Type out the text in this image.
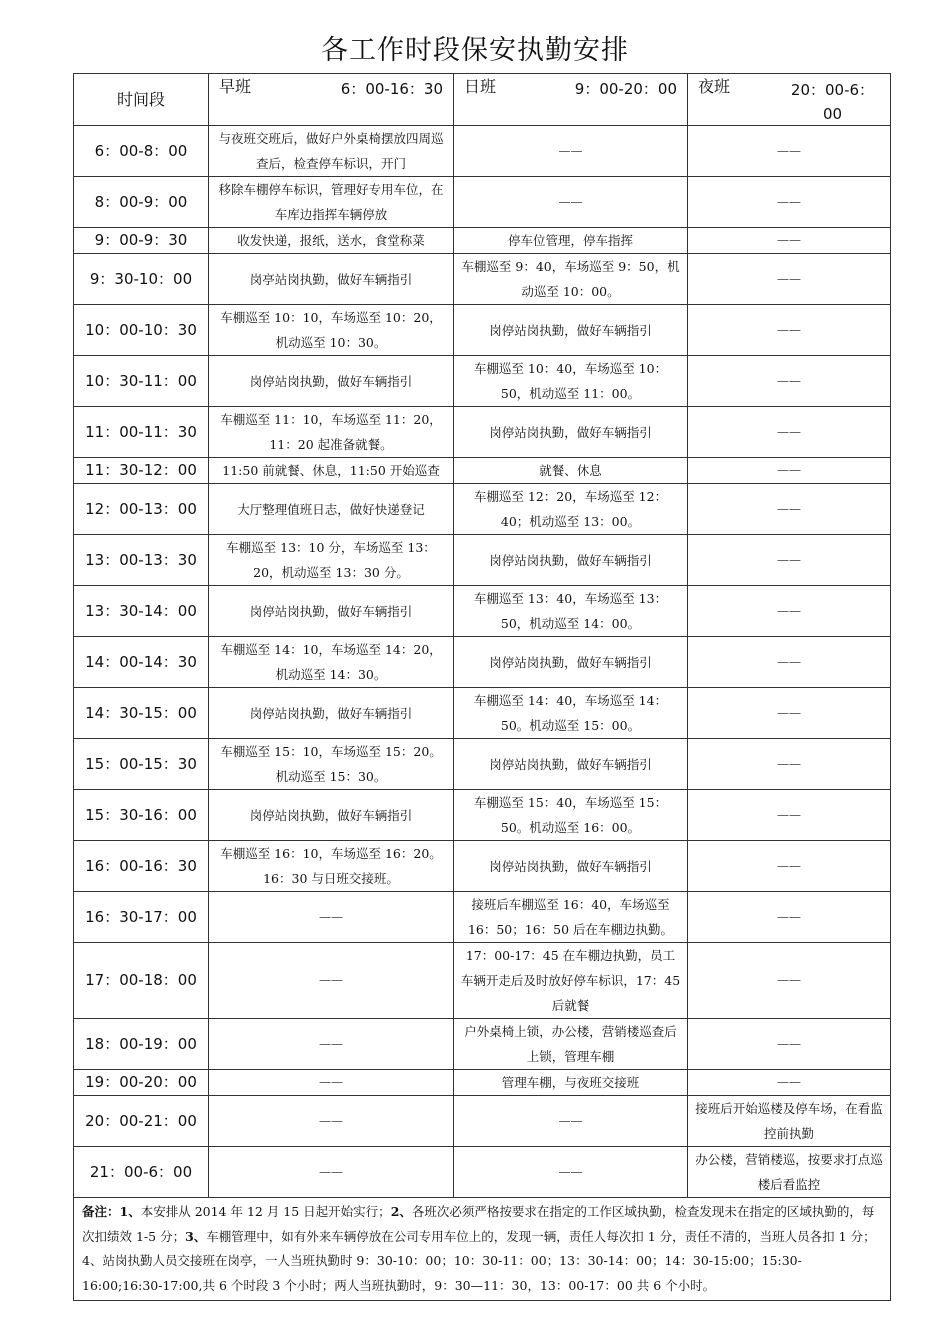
各工作时段保安执勤安排
时间段	早班 6：00-16：30	日班 9：00-20：00	夜班 20：00-6：00

6：00-8：00	与夜班交班后，做好户外桌椅摆放四周巡查后，检查停车标识，开门	——	——
8：00-9：00	移除车棚停车标识，管理好专用车位，在车库边指挥车辆停放	——	——
9：00-9：30	收发快递，报纸，送水，食堂称菜	停车位管理，停车指挥	——
9：30-10：00	岗亭站岗执勤，做好车辆指引	车棚巡至 9：40，车场巡至 9：50，机动巡至 10：00。	——
10：00-10：30	车棚巡至 10：10，车场巡至 10：20，机动巡至 10：30。	岗停站岗执勤，做好车辆指引	——
10：30-11：00	岗停站岗执勤，做好车辆指引	车棚巡至 10：40，车场巡至 10：50，机动巡至 11：00。	——
11：00-11：30	车棚巡至 11：10，车场巡至 11：20，11：20 起准备就餐。	岗停站岗执勤，做好车辆指引	——
11：30-12：00	11:50 前就餐、休息，11:50 开始巡查	就餐、休息	——
12：00-13：00	大厅整理值班日志，做好快递登记	车棚巡至 12：20，车场巡至 12：40；机动巡至 13：00。	——
13：00-13：30	车棚巡至 13：10 分，车场巡至 13：20，机动巡至 13：30 分。	岗停站岗执勤，做好车辆指引	——
13：30-14：00	岗停站岗执勤，做好车辆指引	车棚巡至 13：40，车场巡至 13：50，机动巡至 14：00。	——
14：00-14：30	车棚巡至 14：10，车场巡至 14：20，机动巡至 14：30。	岗停站岗执勤，做好车辆指引	——
14：30-15：00	岗停站岗执勤，做好车辆指引	车棚巡至 14：40，车场巡至 14：50。机动巡至 15：00。	——
15：00-15：30	车棚巡至 15：10，车场巡至 15：20。机动巡至 15：30。	岗停站岗执勤，做好车辆指引	——
15：30-16：00	岗停站岗执勤，做好车辆指引	车棚巡至 15：40，车场巡至 15：50。机动巡至 16：00。	——
16：00-16：30	车棚巡至 16：10，车场巡至 16：20。16：30 与日班交接班。	岗停站岗执勤，做好车辆指引	——
16：30-17：00	——	接班后车棚巡至 16：40，车场巡至 16：50；16：50 后在车棚边执勤。	——
17：00-18：00	——	17：00-17：45 在车棚边执勤，员工车辆开走后及时放好停车标识，17：45 后就餐	——
18：00-19：00	——	户外桌椅上锁，办公楼，营销楼巡查后上锁，管理车棚	——
19：00-20：00	——	管理车棚，与夜班交接班	——
20：00-21：00	——	——	接班后开始巡楼及停车场，在看监控前执勤
21：00-6：00	——	——	办公楼，营销楼巡，按要求打点巡楼后看监控
备注：1、本安排从 2014 年 12 月 15 日起开始实行；2、各班次必须严格按要求在指定的工作区域执勤，检查发现未在指定的区域执勤的，每次扣绩效 1-5 分；3、车棚管理中，如有外来车辆停放在公司专用车位上的，发现一辆，责任人每次扣 1 分，责任不清的，当班人员各扣 1 分；4、站岗执勤人员交接班在岗亭，一人当班执勤时 9：30-10：00；10：30-11：00；13：30-14：00；14：30-15:00；15:30-16:00;16:30-17:00,共 6 个时段 3 个小时；两人当班执勤时，9：30—11：30，13：00-17：00 共 6 个小时。			
